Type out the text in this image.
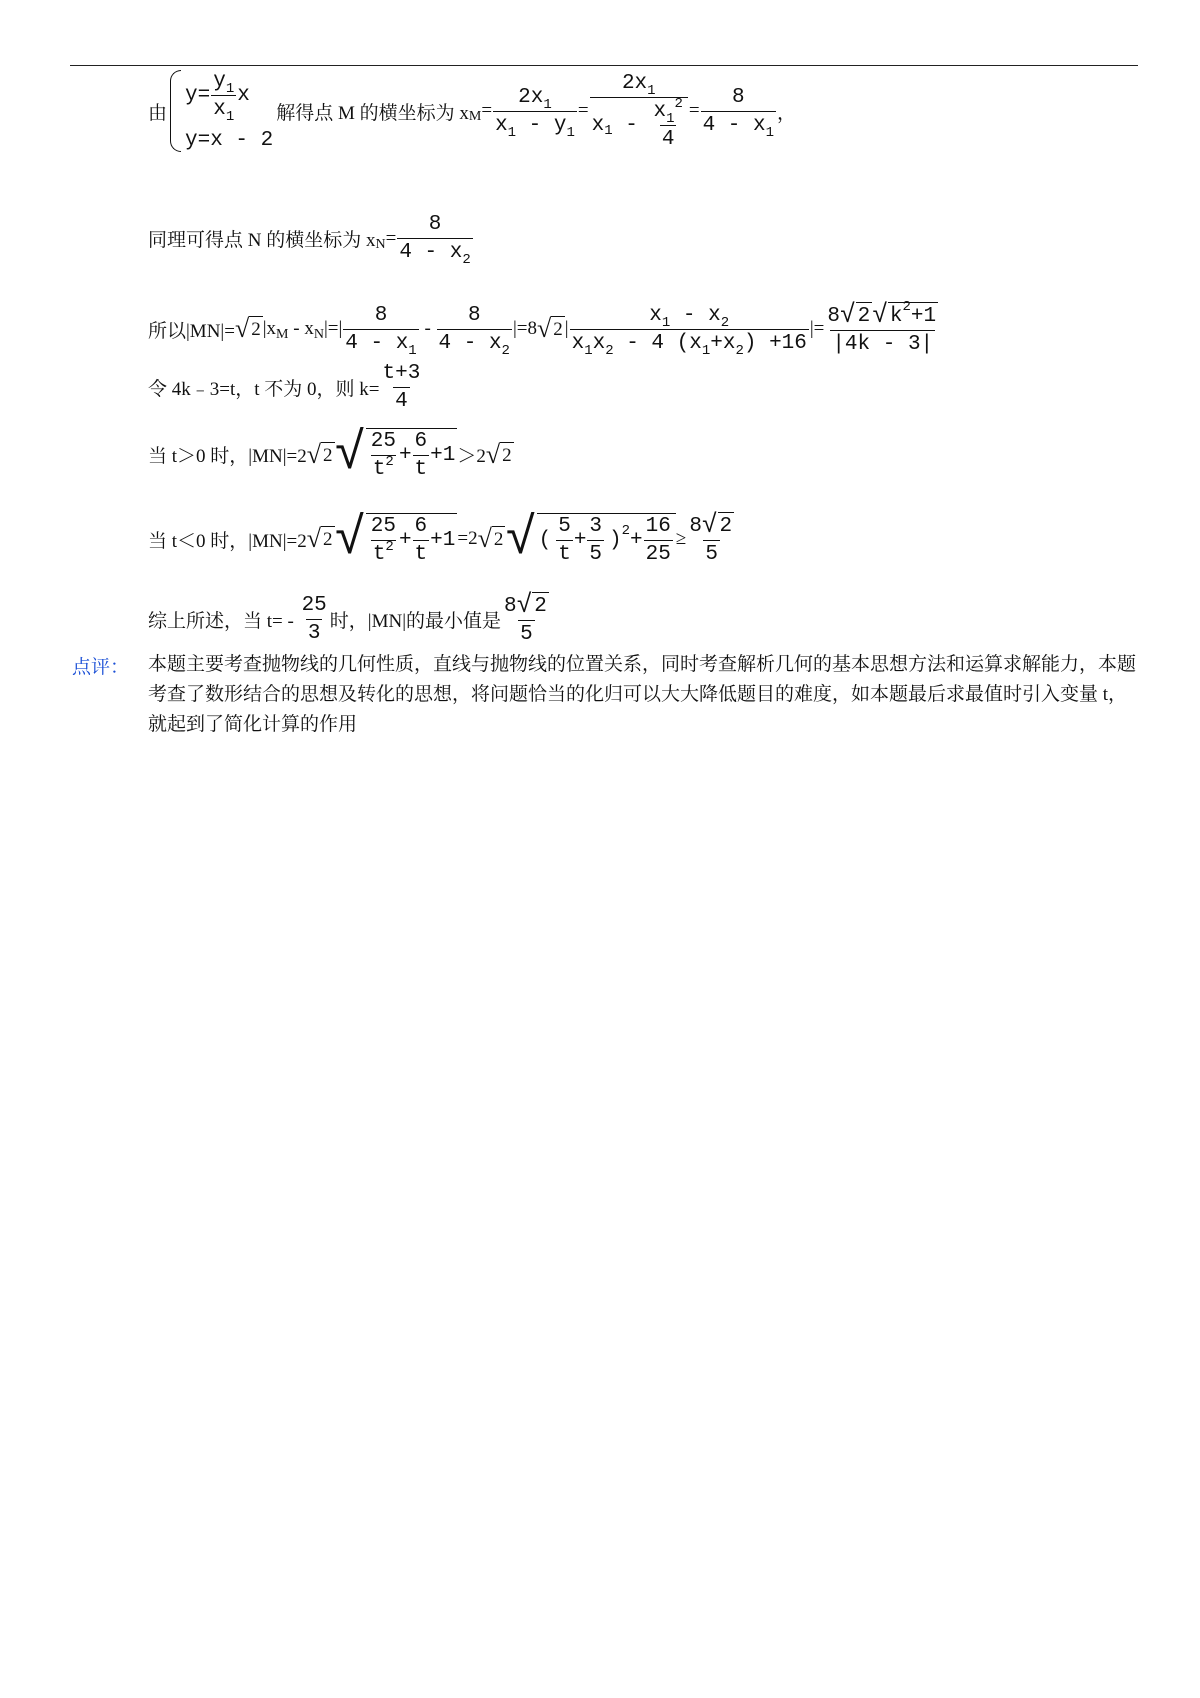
由
$y= \frac{y_1}{x_1}$ x
y=x - 2
解得点 M 的横坐标为 x $M = \frac{2x_1}{x_1 - y_1} = \frac{2x_1}{x 1 - \frac{x_1^2}{4}} = \frac{8}{4 - x_1}$ ，
同理可得点 N 的横坐标为 x $N = \frac{8}{4 - x_2}$
所以|MN|= √ 2 |x M - x N |=| $\frac{8}{4 - x_1} - \frac{8}{4 - x_2} |=8$ √ 2 | $\frac{x_1 - x_2}{x_1x_2 - 4 (x_1+x_2) +16}$ |= $\frac{8 √ 2 √ k 2 +1}{|4k - 3|}$
令 4k﹣3=t，t 不为 0，则 $k= \frac{t+3}{4}$
当 t＞0 时，|MN|=2 √ 2 √ $\frac{25}{t^2} + \frac{6}{t} +1 >2$ √ 2
当 t＜0 时，|MN|=2 √ 2 √ $\frac{25}{t^2} + \frac{6}{t} +1 =2$ √ 2 √ ( $\frac{5}{t} + \frac{3}{5}$ ) $2 + \frac{16}{25} \ge \frac{8 √ 2}{5}$
综上所述，当 $t= - \frac{25}{3}$ 时，|MN|的最小值是 $\frac{8 √ 2}{5}$
点评： 本题主要考查抛物线的几何性质，直线与抛物线的位置关系，同时考查解析几何的基本思想方法和运算求解能力，本题考查了数形结合的思想及转化的思想，将问题恰当的化归可以大大降低题目的难度，如本题最后求最值时引入变量 t，就起到了简化计算的作用
